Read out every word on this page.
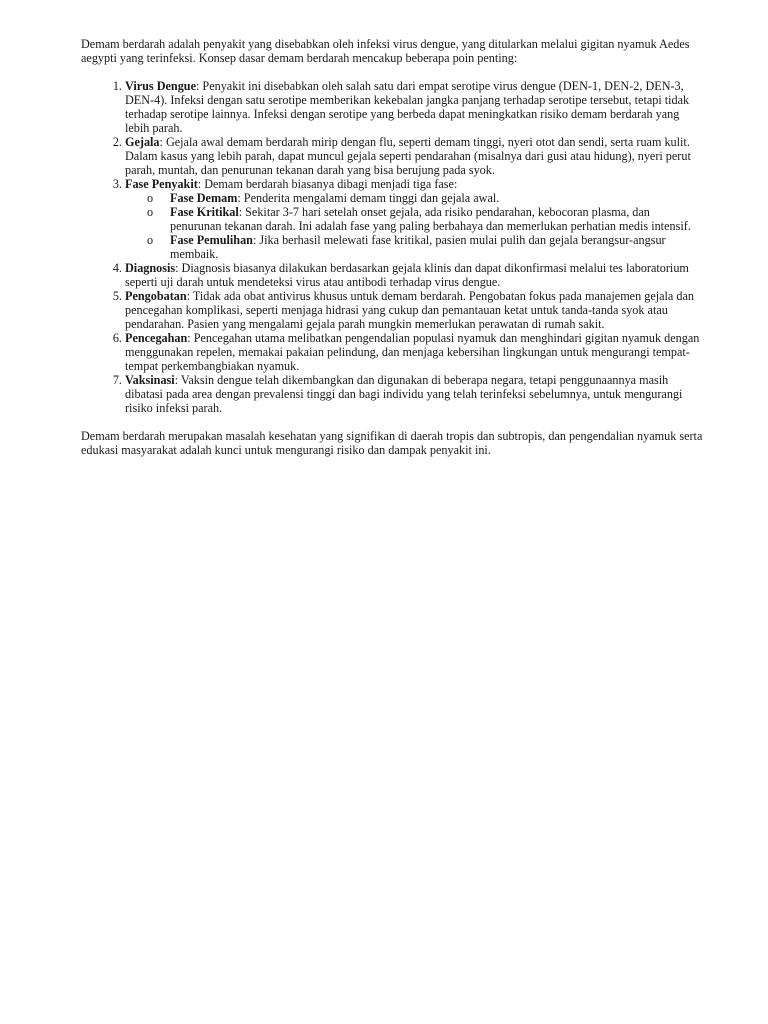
Demam berdarah adalah penyakit yang disebabkan oleh infeksi virus dengue, yang ditularkan melalui gigitan nyamuk Aedes aegypti yang terinfeksi. Konsep dasar demam berdarah mencakup beberapa poin penting:

1. Virus Dengue: Penyakit ini disebabkan oleh salah satu dari empat serotipe virus dengue (DEN-1, DEN-2, DEN-3, DEN-4). Infeksi dengan satu serotipe memberikan kekebalan jangka panjang terhadap serotipe tersebut, tetapi tidak terhadap serotipe lainnya. Infeksi dengan serotipe yang berbeda dapat meningkatkan risiko demam berdarah yang lebih parah.
2. Gejala: Gejala awal demam berdarah mirip dengan flu, seperti demam tinggi, nyeri otot dan sendi, serta ruam kulit. Dalam kasus yang lebih parah, dapat muncul gejala seperti pendarahan (misalnya dari gusi atau hidung), nyeri perut parah, muntah, dan penurunan tekanan darah yang bisa berujung pada syok.
3. Fase Penyakit: Demam berdarah biasanya dibagi menjadi tiga fase:
o Fase Demam: Penderita mengalami demam tinggi dan gejala awal.
o Fase Kritikal: Sekitar 3-7 hari setelah onset gejala, ada risiko pendarahan, kebocoran plasma, dan penurunan tekanan darah. Ini adalah fase yang paling berbahaya dan memerlukan perhatian medis intensif.
o Fase Pemulihan: Jika berhasil melewati fase kritikal, pasien mulai pulih dan gejala berangsur-angsur membaik.
4. Diagnosis: Diagnosis biasanya dilakukan berdasarkan gejala klinis dan dapat dikonfirmasi melalui tes laboratorium seperti uji darah untuk mendeteksi virus atau antibodi terhadap virus dengue.
5. Pengobatan: Tidak ada obat antivirus khusus untuk demam berdarah. Pengobatan fokus pada manajemen gejala dan pencegahan komplikasi, seperti menjaga hidrasi yang cukup dan pemantauan ketat untuk tanda-tanda syok atau pendarahan. Pasien yang mengalami gejala parah mungkin memerlukan perawatan di rumah sakit.
6. Pencegahan: Pencegahan utama melibatkan pengendalian populasi nyamuk dan menghindari gigitan nyamuk dengan menggunakan repelen, memakai pakaian pelindung, dan menjaga kebersihan lingkungan untuk mengurangi tempat-tempat perkembangbiakan nyamuk.
7. Vaksinasi: Vaksin dengue telah dikembangkan dan digunakan di beberapa negara, tetapi penggunaannya masih dibatasi pada area dengan prevalensi tinggi dan bagi individu yang telah terinfeksi sebelumnya, untuk mengurangi risiko infeksi parah.

Demam berdarah merupakan masalah kesehatan yang signifikan di daerah tropis dan subtropis, dan pengendalian nyamuk serta edukasi masyarakat adalah kunci untuk mengurangi risiko dan dampak penyakit ini.
